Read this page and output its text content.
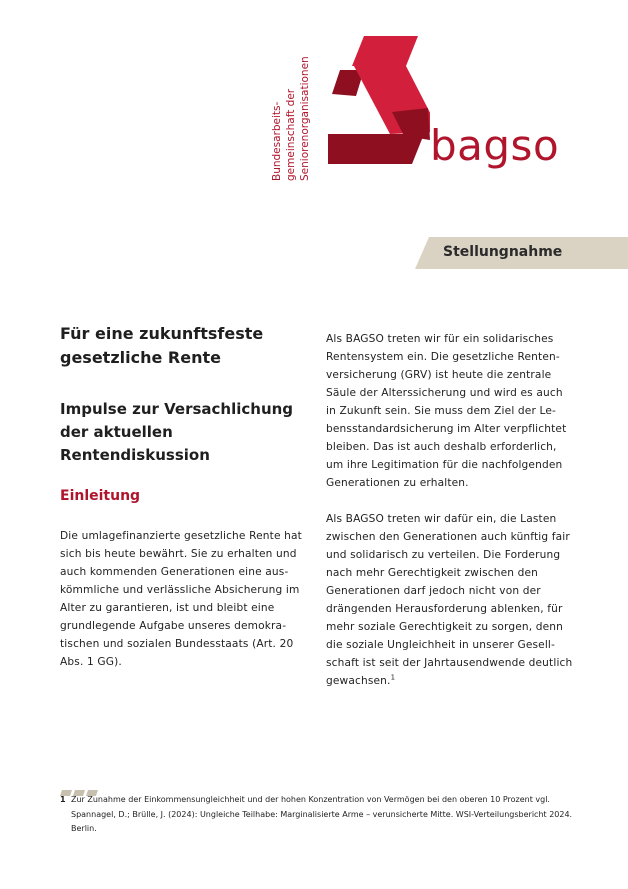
Bundesarbeits- gemeinschaft der Seniorenorganisationen	bagso
Stellungnahme
Für eine zukunftsfeste gesetzliche Rente
Impulse zur Versachlichung der aktuellen Rentendiskussion
Einleitung

Die umlagefinanzierte gesetzliche Rente hat sich bis heute bewährt. Sie zu erhalten und auch kommenden Generationen eine auskömmliche und verlässliche Absicherung im Alter zu garantieren, ist und bleibt eine grundlegende Aufgabe unseres demokratischen und sozialen Bundesstaats (Art. 20 Abs. 1 GG).

Als BAGSO treten wir für ein solidarisches Rentensystem ein. Die gesetzliche Rentenversicherung (GRV) ist heute die zentrale Säule der Alterssicherung und wird es auch in Zukunft sein. Sie muss dem Ziel der Lebensstandardsicherung im Alter verpflichtet bleiben. Das ist auch deshalb erforderlich, um ihre Legitimation für die nachfolgenden Generationen zu erhalten.

Als BAGSO treten wir dafür ein, die Lasten zwischen den Generationen auch künftig fair und solidarisch zu verteilen. Die Forderung nach mehr Gerechtigkeit zwischen den Generationen darf jedoch nicht von der drängenden Herausforderung ablenken, für mehr soziale Gerechtigkeit zu sorgen, denn die soziale Ungleichheit in unserer Gesellschaft ist seit der Jahrtausendwende deutlich gewachsen.$^1$

1 Zur Zunahme der Einkommensungleichheit und der hohen Konzentration von Vermögen bei den oberen 10 Prozent vgl. Spannagel, D.; Brülle, J. (2024): Ungleiche Teilhabe: Marginalisierte Arme – verunsicherte Mitte. WSI-Verteilungsbericht 2024. Berlin.
